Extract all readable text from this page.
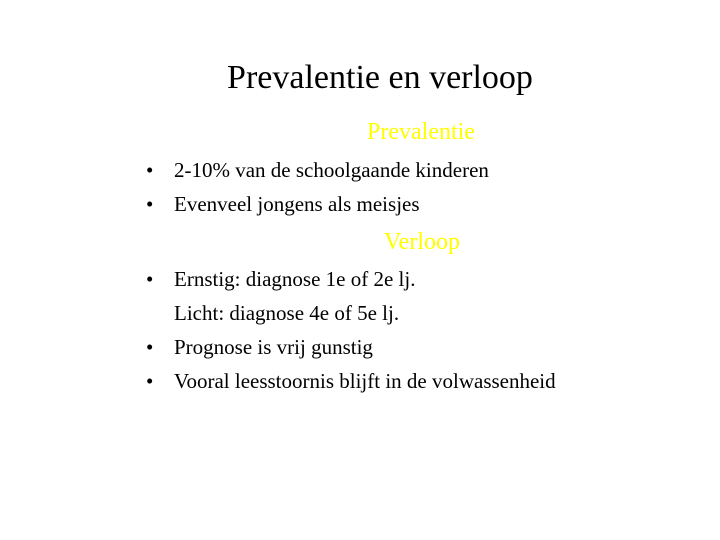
Prevalentie en verloop
Prevalentie
• 2-10% van de schoolgaande kinderen
• Evenveel jongens als meisjes
Verloop
• Ernstig: diagnose 1e of 2e lj.
Licht: diagnose 4e of 5e lj.
• Prognose is vrij gunstig
• Vooral leesstoornis blijft in de volwassenheid
